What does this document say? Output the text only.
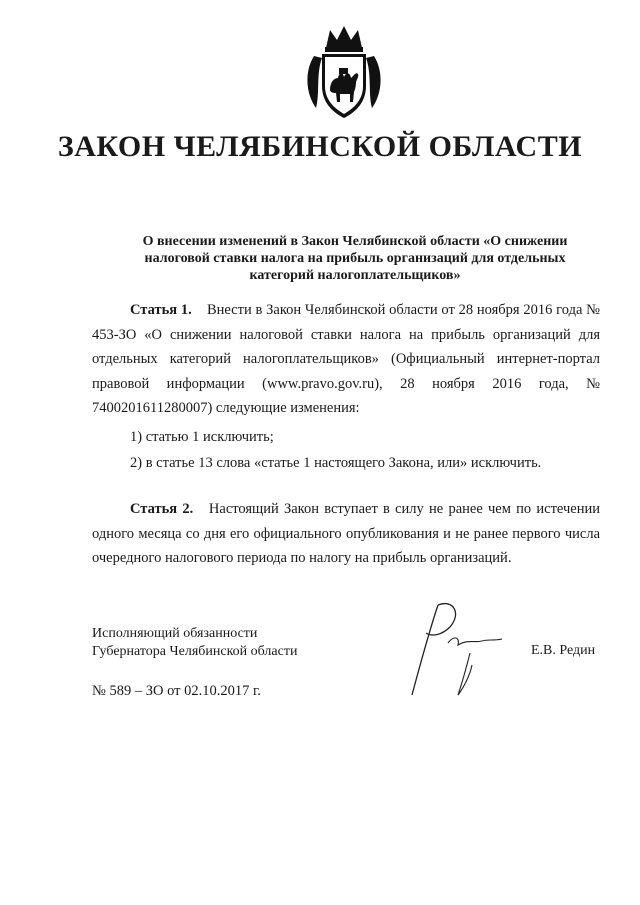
ЗАКОН ЧЕЛЯБИНСКОЙ ОБЛАСТИ
О внесении изменений в Закон Челябинской области «О снижении налоговой ставки налога на прибыль организаций для отдельных категорий налогоплательщиков»
Статья 1. Внести в Закон Челябинской области от 28 ноября 2016 года № 453-ЗО «О снижении налоговой ставки налога на прибыль организаций для отдельных категорий налогоплательщиков» (Официальный интернет-портал правовой информации (www.pravo.gov.ru), 28 ноября 2016 года, № 7400201611280007) следующие изменения:
1) статью 1 исключить;
2) в статье 13 слова «статье 1 настоящего Закона, или» исключить.
Статья 2. Настоящий Закон вступает в силу не ранее чем по истечении одного месяца со дня его официального опубликования и не ранее первого числа очередного налогового периода по налогу на прибыль организаций.
Исполняющий обязанности
Губернатора Челябинской области	Е.В. Редин
№ 589 – ЗО от 02.10.2017 г.
